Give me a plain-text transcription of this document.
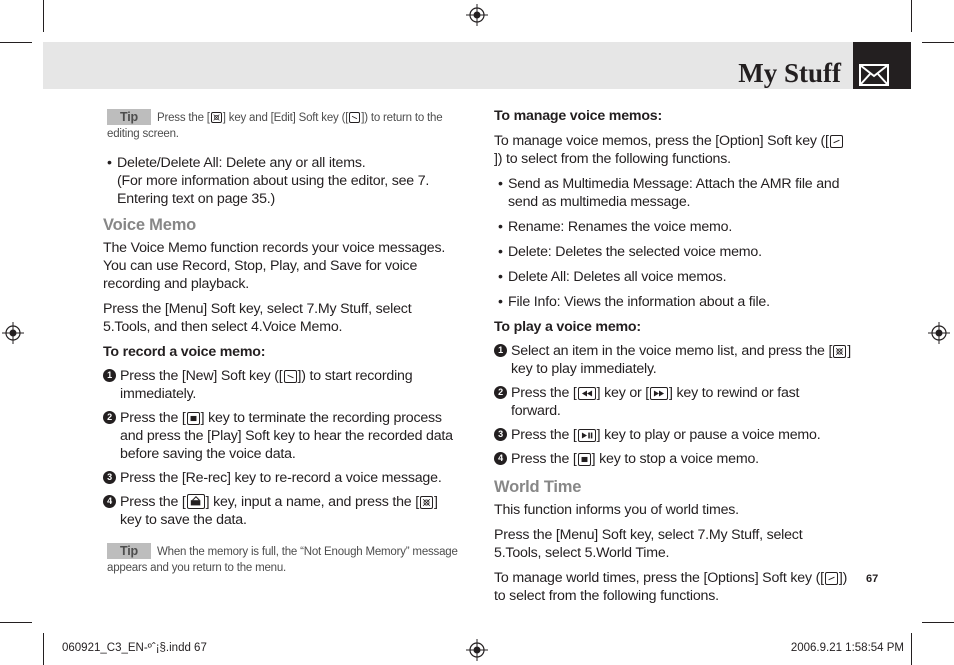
My Stuff
Tip Press the [ ] key and [Edit] Soft key ([ ]) to return to the editing screen.
• Delete/Delete All: Delete any or all items.
(For more information about using the editor, see 7. Entering text on page 35.)
Voice Memo

The Voice Memo function records your voice messages. You can use Record, Stop, Play, and Save for voice recording and playback.

Press the [Menu] Soft key, select 7.My Stuff, select 5.Tools, and then select 4.Voice Memo.

To record a voice memo:
1 Press the [New] Soft key ([ ]) to start recording immediately.
2 Press the [ ] key to terminate the recording process and press the [Play] Soft key to hear the recorded data before saving the voice data.
3 Press the [Re-rec] key to re-record a voice message.
4 Press the [ ] key, input a name, and press the [ ] key to save the data.
Tip When the memory is full, the “Not Enough Memory” message appears and you return to the menu.
To manage voice memos:

To manage voice memos, press the [Option] Soft key ([
]) to select from the following functions.

• Send as Multimedia Message: Attach the AMR file and send as multimedia message.
• Rename: Renames the voice memo.
• Delete: Deletes the selected voice memo.
• Delete All: Deletes all voice memos.
• File Info: Views the information about a file.
To play a voice memo:
1 Select an item in the voice memo list, and press the [ ] key to play immediately.
2 Press the [ ] key or [ ] key to rewind or fast forward.
3 Press the [ ] key to play or pause a voice memo.
4 Press the [ ] key to stop a voice memo.
World Time

This function informs you of world times.

Press the [Menu] Soft key, select 7.My Stuff, select 5.Tools, select 5.World Time.

To manage world times, press the [Options] Soft key ([ ]) to select from the following functions.

67
060921_C3_EN-ºˆ¡§.indd 67	2006.9.21 1:58:54 PM
